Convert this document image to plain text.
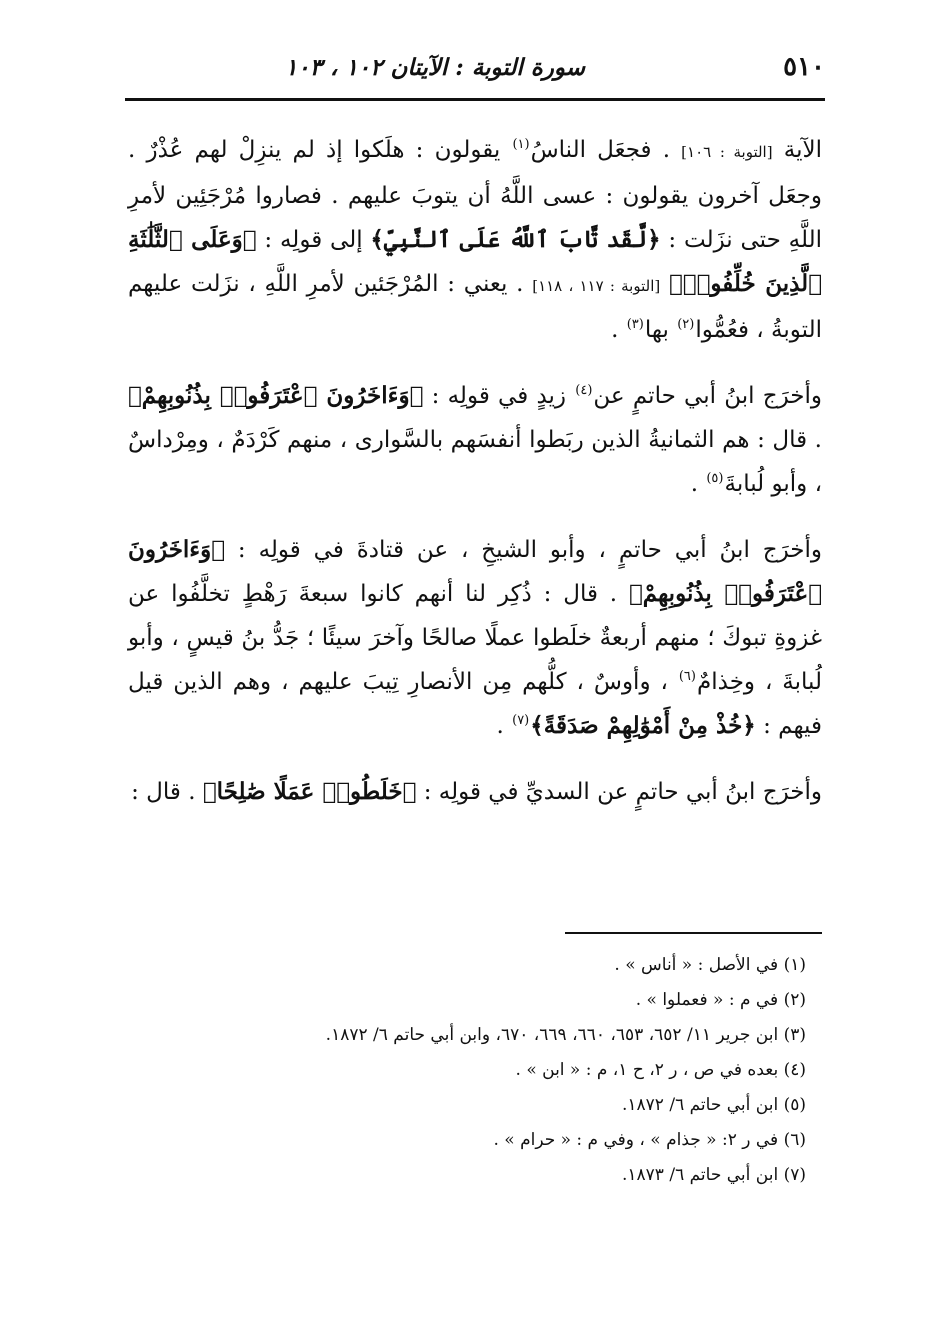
٥١٠
سورة التوبة : الآيتان ١٠٢ ، ١٠٣

الآية [التوبة : ١٠٦] . فجعَل الناسُ$^{(١)}$ يقولون : هلَكوا إذ لم ينزِلْ لهم عُذْرٌ . وجعَل آخرون يقولون : عسى اللَّهُ أن يتوبَ عليهم . فصاروا مُرْجَئِين لأمرِ اللَّهِ حتى نزَلت : ﴿لَّقَد تَّابَ ٱللَّهُ عَلَى ٱلنَّبِيِّ﴾ إلى قولِه : ﴿وَعَلَى ٱلثَّلَٰثَةِ ٱلَّذِينَ خُلِّفُوا۟﴾ [التوبة : ١١٧ ، ١١٨] . يعني : المُرْجَئين لأمرِ اللَّهِ ، نزَلت عليهم التوبةُ ، فعُمُّوا$^{(٢)}$ بها$^{(٣)}$ .

وأخرَج ابنُ أبي حاتمٍ عن$^{(٤)}$ زيدٍ في قولِه : ﴿وَءَاخَرُونَ ٱعْتَرَفُوا۟ بِذُنُوبِهِمْ﴾ . قال : هم الثمانيةُ الذين ربَطوا أنفسَهم بالسَّوارى ، منهم كَرْدَمٌ ، ومِرْداسٌ ، وأبو لُبابةَ$^{(٥)}$ .

وأخرَج ابنُ أبي حاتمٍ ، وأبو الشيخِ ، عن قتادةَ في قولِه : ﴿وَءَاخَرُونَ ٱعْتَرَفُوا۟ بِذُنُوبِهِمْ﴾ . قال : ذُكِر لنا أنهم كانوا سبعةَ رَهْطٍ تخلَّفُوا عن غزوةِ تبوكَ ؛ منهم أربعةٌ خلَطوا عملًا صالحًا وآخرَ سيئًا ؛ جَدُّ بنُ قيسٍ ، وأبو لُبابةَ ، وخِذامٌ$^{(٦)}$ ، وأوسٌ ، كلُّهم مِن الأنصارِ تِيبَ عليهم ، وهم الذين قيل فيهم : ﴿خُذْ مِنْ أَمْوَٰلِهِمْ صَدَقَةً﴾$^{(٧)}$ .

وأخرَج ابنُ أبي حاتمٍ عن السديِّ في قولِه : ﴿خَلَطُوا۟ عَمَلًا صَٰلِحًا﴾ . قال :

(١) في الأصل : « أناس » .
(٢) في م : « فعملوا » .
(٣) ابن جرير ١١/ ٦٥٢، ٦٥٣، ٦٦٠، ٦٦٩، ٦٧٠، وابن أبي حاتم ٦/ ١٨٧٢.
(٤) بعده في ص ، ر ٢، ح ١، م : « ابن » .
(٥) ابن أبي حاتم ٦/ ١٨٧٢.
(٦) في ر ٢: « جذام » ، وفي م : « حرام » .
(٧) ابن أبي حاتم ٦/ ١٨٧٣.
